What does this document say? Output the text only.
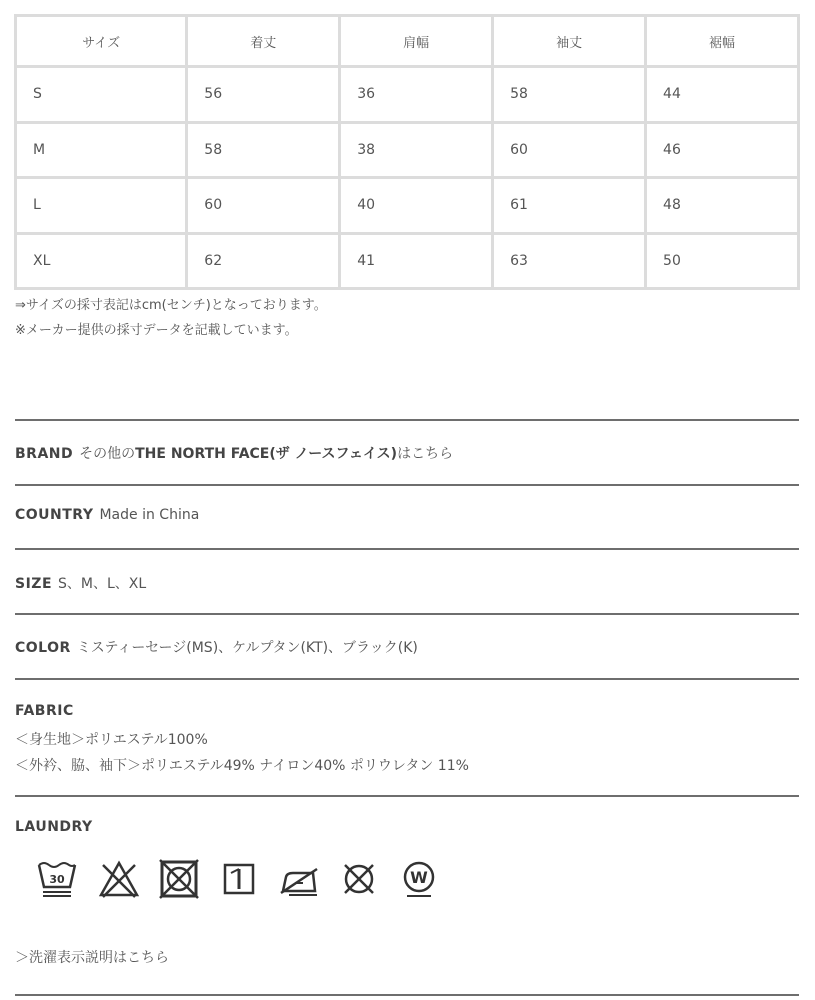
サイズ	着丈	肩幅	袖丈	裾幅
S	56	36	58	44
M	58	38	60	46
L	60	40	61	48
XL	62	41	63	50
⇒サイズの採寸表記はcm(センチ)となっております。
※メーカー提供の採寸データを記載しています。
BRAND その他のTHE NORTH FACE(ザ ノースフェイス)はこちら
COUNTRY Made in China
SIZE S、M、L、XL
COLOR ミスティーセージ(MS)、ケルプタン(KT)、ブラック(K)
FABRIC
＜身生地＞ポリエステル100%
＜外衿、脇、袖下＞ポリエステル49% ナイロン40% ポリウレタン 11%
LAUNDRY
30	W
＞洗濯表示説明はこちら
